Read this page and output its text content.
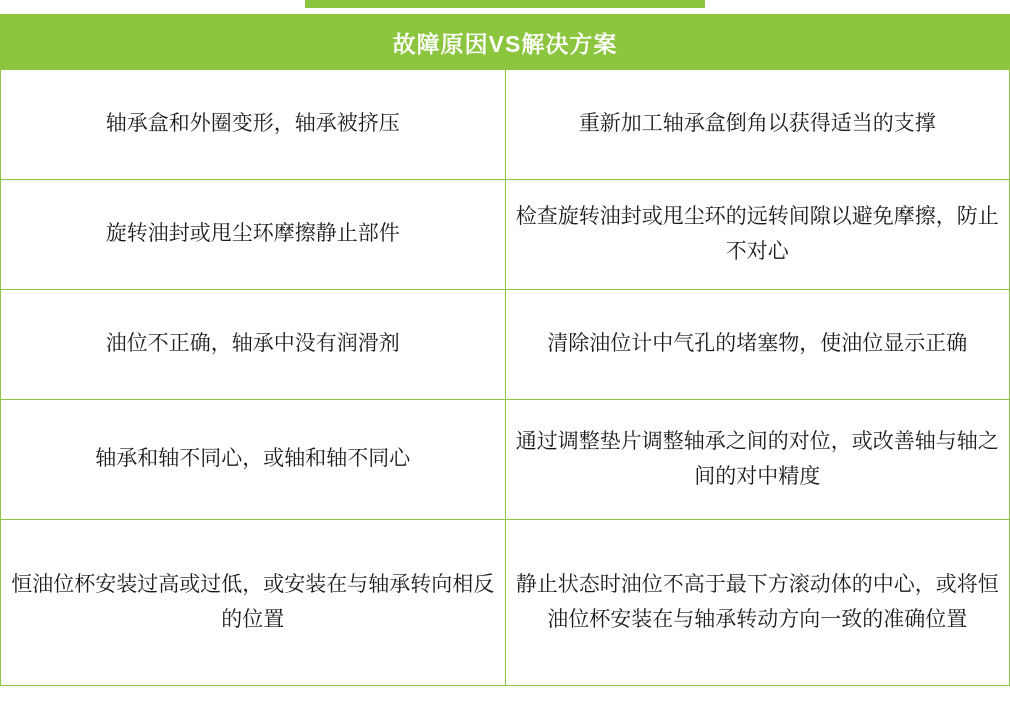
故障原因VS解决方案	
轴承盒和外圈变形，轴承被挤压	重新加工轴承盒倒角以获得适当的支撑
旋转油封或甩尘环摩擦静止部件	检查旋转油封或甩尘环的远转间隙以避免摩擦，防止不对心
油位不正确，轴承中没有润滑剂	清除油位计中气孔的堵塞物，使油位显示正确
轴承和轴不同心，或轴和轴不同心	通过调整垫片调整轴承之间的对位，或改善轴与轴之间的对中精度
恒油位杯安装过高或过低，或安装在与轴承转向相反的位置	静止状态时油位不高于最下方滚动体的中心，或将恒油位杯安装在与轴承转动方向一致的准确位置
